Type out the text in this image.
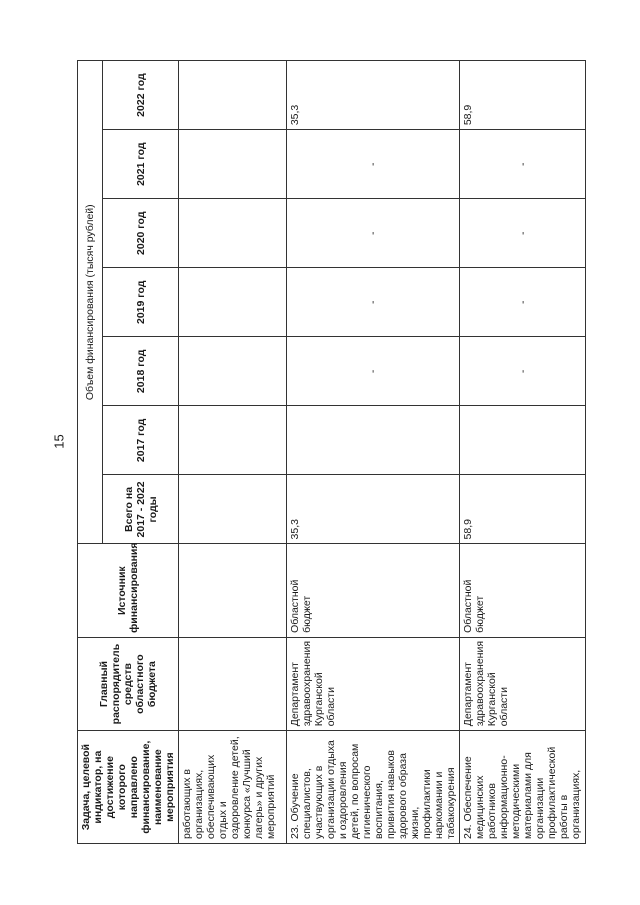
15
Задача, целевой индикатор, на достижение которого направлено финансирование, наименование мероприятия	Главный распорядитель средств областного бюджета	Источник финансирования	Объем финансирования (тысяч рублей)						
			Всего на 2017 - 2022 годы	2017 год	2018 год	2019 год	2020 год	2021 год	2022 год
работающих в организациях, обеспечивающих отдых и оздоровление детей, конкурса «Лучший лагерь» и других мероприятий									
23. Обучение специалистов, участвующих в организации отдыха и оздоровления детей, по вопросам гигиенического воспитания, привития навыков здорового образа жизни, профилактики наркомании и табакокурения	Департамент здравоохранения Курганской области	Областной бюджет	35,3		-	-	-	-	35,3
24. Обеспечение медицинских работников информационно-методическими материалами для организации профилактической работы в организациях,	Департамент здравоохранения Курганской области	Областной бюджет	58,9		-	-	-	-	58,9
